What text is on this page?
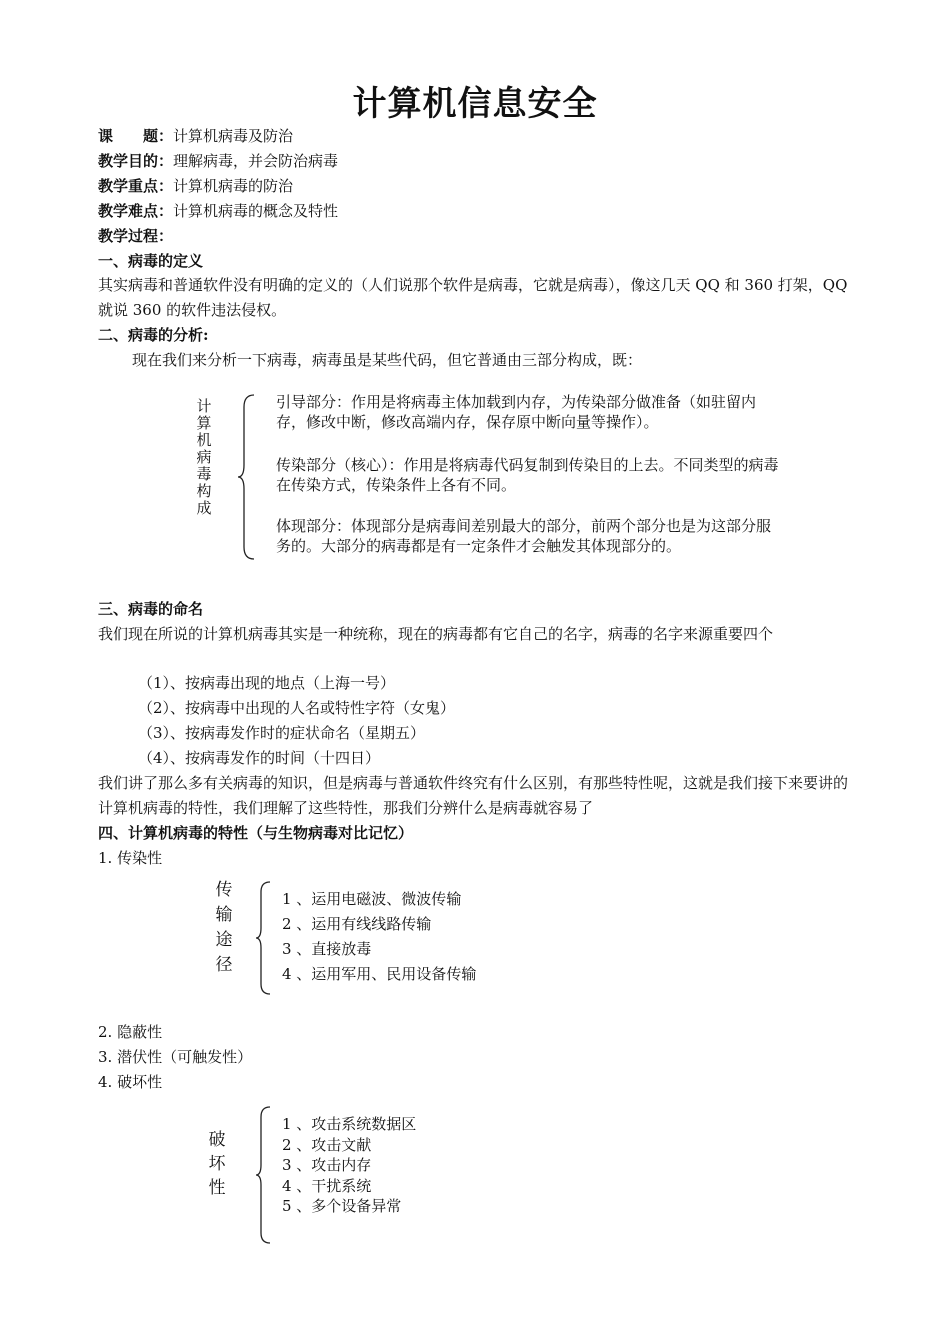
计算机信息安全
课　　题：计算机病毒及防治
教学目的：理解病毒，并会防治病毒
教学重点：计算机病毒的防治
教学难点：计算机病毒的概念及特性
教学过程：
一、病毒的定义
其实病毒和普通软件没有明确的定义的（人们说那个软件是病毒，它就是病毒），像这几天 QQ 和 360 打架，QQ 就说 360 的软件违法侵权。
二、病毒的分析:
现在我们来分析一下病毒，病毒虽是某些代码，但它普通由三部分构成，既：
计
算
机
病
毒
构
成
引导部分：作用是将病毒主体加载到内存，为传染部分做准备（如驻留内存，修改中断，修改高端内存，保存原中断向量等操作）。
传染部分（核心）：作用是将病毒代码复制到传染目的上去。不同类型的病毒在传染方式，传染条件上各有不同。
体现部分：体现部分是病毒间差别最大的部分，前两个部分也是为这部分服务的。大部分的病毒都是有一定条件才会触发其体现部分的。
三、病毒的命名
我们现在所说的计算机病毒其实是一种统称，现在的病毒都有它自己的名字，病毒的名字来源重要四个
（1）、按病毒出现的地点（上海一号）
（2）、按病毒中出现的人名或特性字符（女鬼）
（3）、按病毒发作时的症状命名（星期五）
（4）、按病毒发作的时间（十四日）
我们讲了那么多有关病毒的知识，但是病毒与普通软件终究有什么区别，有那些特性呢，这就是我们接下来要讲的计算机病毒的特性，我们理解了这些特性，那我们分辨什么是病毒就容易了
四、计算机病毒的特性（与生物病毒对比记忆）
1. 传染性
传
输
途
径
1 、运用电磁波、微波传输
2 、运用有线线路传输
3 、直接放毒
4 、运用军用、民用设备传输
2. 隐蔽性
3. 潜伏性（可触发性）
4. 破坏性
破
坏
性
1 、攻击系统数据区
2 、攻击文献
3 、攻击内存
4 、干扰系统
5 、多个设备异常
